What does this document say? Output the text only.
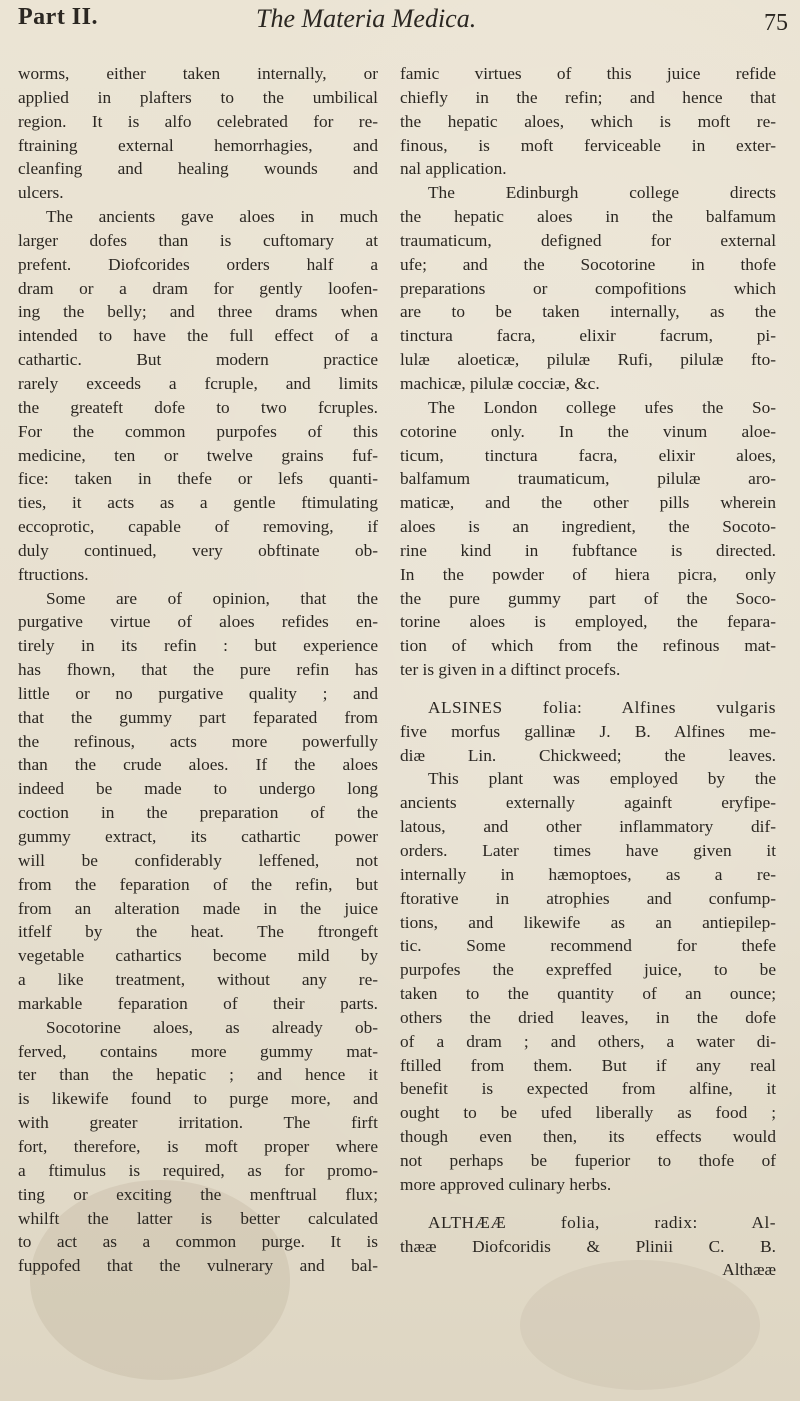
Part II.	The Materia Medica.	75
worms, either taken internally, or
applied in plafters to the umbilical
region. It is alfo celebrated for re-
ftraining external hemorrhagies, and
cleanfing and healing wounds and
ulcers.
The ancients gave aloes in much
larger dofes than is cuftomary at
prefent. Diofcorides orders half a
dram or a dram for gently loofen-
ing the belly; and three drams when
intended to have the full effect of a
cathartic. But modern practice
rarely exceeds a fcruple, and limits
the greateft dofe to two fcruples.
For the common purpofes of this
medicine, ten or twelve grains fuf-
fice: taken in thefe or lefs quanti-
ties, it acts as a gentle ftimulating
eccoprotic, capable of removing, if
duly continued, very obftinate ob-
ftructions.
Some are of opinion, that the
purgative virtue of aloes refides en-
tirely in its refin : but experience
has fhown, that the pure refin has
little or no purgative quality ; and
that the gummy part feparated from
the refinous, acts more powerfully
than the crude aloes. If the aloes
indeed be made to undergo long
coction in the preparation of the
gummy extract, its cathartic power
will be confiderably leffened, not
from the feparation of the refin, but
from an alteration made in the juice
itfelf by the heat. The ftrongeft
vegetable cathartics become mild by
a like treatment, without any re-
markable feparation of their parts.
Socotorine aloes, as already ob-
ferved, contains more gummy mat-
ter than the hepatic ; and hence it
is likewife found to purge more, and
with greater irritation. The firft
fort, therefore, is moft proper where
a ftimulus is required, as for promo-
ting or exciting the menftrual flux;
whilft the latter is better calculated
to act as a common purge. It is
fuppofed that the vulnerary and bal-
famic virtues of this juice refide
chiefly in the refin; and hence that
the hepatic aloes, which is moft re-
finous, is moft ferviceable in exter-
nal application.
The Edinburgh college directs
the hepatic aloes in the balfamum
traumaticum, defigned for external
ufe; and the Socotorine in thofe
preparations or compofitions which
are to be taken internally, as the
tinctura facra, elixir facrum, pi-
lulæ aloeticæ, pilulæ Rufi, pilulæ fto-
machicæ, pilulæ cocciæ, &c.
The London college ufes the So-
cotorine only. In the vinum aloe-
ticum, tinctura facra, elixir aloes,
balfamum traumaticum, pilulæ aro-
maticæ, and the other pills wherein
aloes is an ingredient, the Socoto-
rine kind in fubftance is directed.
In the powder of hiera picra, only
the pure gummy part of the Soco-
torine aloes is employed, the fepara-
tion of which from the refinous mat-
ter is given in a diftinct procefs.
ALSINES folia: Alfines vulgaris
five morfus gallinæ J. B. Alfines me-
diæ Lin. Chickweed; the leaves.
This plant was employed by the
ancients externally againft eryfipe-
latous, and other inflammatory dif-
orders. Later times have given it
internally in hæmoptoes, as a re-
ftorative in atrophies and confump-
tions, and likewife as an antiepilep-
tic. Some recommend for thefe
purpofes the expreffed juice, to be
taken to the quantity of an ounce;
others the dried leaves, in the dofe
of a dram ; and others, a water di-
ftilled from them. But if any real
benefit is expected from alfine, it
ought to be ufed liberally as food ;
though even then, its effects would
not perhaps be fuperior to thofe of
more approved culinary herbs.
ALTHÆÆ folia, radix: Al-
thææ Diofcoridis & Plinii C. B.
Althææ
